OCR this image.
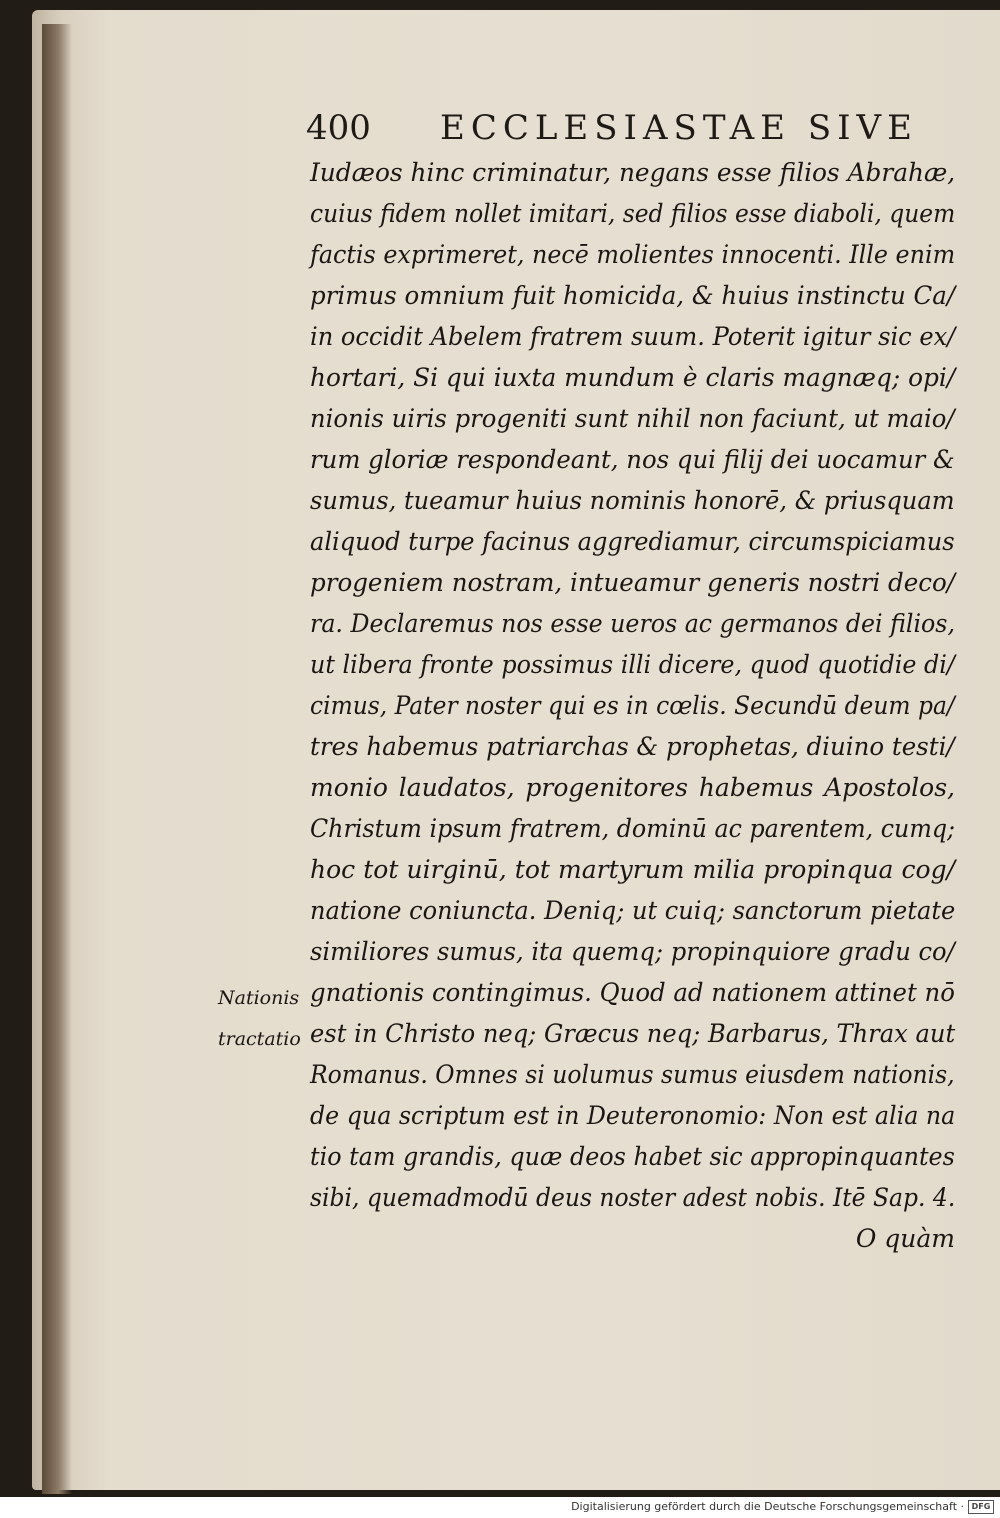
400 ECCLESIASTAE SIVE
Iudæos hinc criminatur, negans esse filios Abrahæ,
cuius fidem nollet imitari, sed filios esse diaboli, quem
factis exprimeret, necē molientes innocenti. Ille enim
primus omnium fuit homicida, & huius instinctu Ca/
in occidit Abelem fratrem suum. Poterit igitur sic ex/
hortari, Si qui iuxta mundum è claris magnæq; opi/
nionis uiris progeniti sunt nihil non faciunt, ut maio/
rum gloriæ respondeant, nos qui filij dei uocamur &
sumus, tueamur huius nominis honorē, & priusquam
aliquod turpe facinus aggrediamur, circumspiciamus
progeniem nostram, intueamur generis nostri deco/
ra. Declaremus nos esse ueros ac germanos dei filios,
ut libera fronte possimus illi dicere, quod quotidie di/
cimus, Pater noster qui es in cœlis. Secundū deum pa/
tres habemus patriarchas & prophetas, diuino testi/
monio laudatos, progenitores habemus Apostolos,
Christum ipsum fratrem, dominū ac parentem, cumq;
hoc tot uirginū, tot martyrum milia propinqua cog/
natione coniuncta. Deniq; ut cuiq; sanctorum pietate
similiores sumus, ita quemq; propinquiore gradu co/
gnationis contingimus. Quod ad nationem attinet nō
est in Christo neq; Græcus neq; Barbarus, Thrax aut
Romanus. Omnes si uolumus sumus eiusdem nationis,
de qua scriptum est in Deuteronomio: Non est alia na
tio tam grandis, quæ deos habet sic appropinquantes
sibi, quemadmodū deus noster adest nobis. Itē Sap. 4.
O quàm
Nationis
tractatio
Digitalisierung gefördert durch die Deutsche Forschungsgemeinschaft · DFG
